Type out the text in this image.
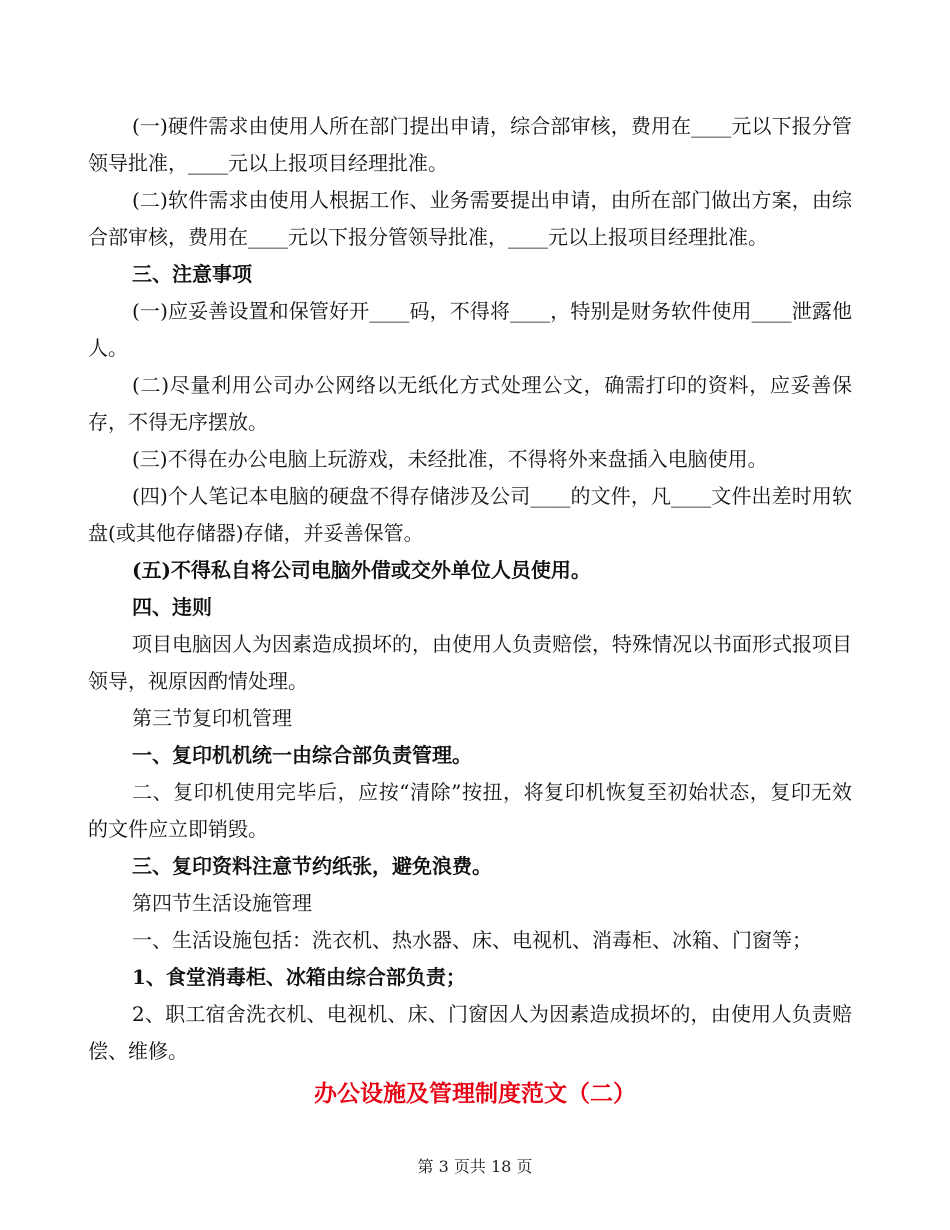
(一)硬件需求由使用人所在部门提出申请，综合部审核，费用在____元以下报分管领导批准，____元以上报项目经理批准。

(二)软件需求由使用人根据工作、业务需要提出申请，由所在部门做出方案，由综合部审核，费用在____元以下报分管领导批准，____元以上报项目经理批准。

三、注意事项

(一)应妥善设置和保管好开____码，不得将____，特别是财务软件使用____泄露他人。

(二)尽量利用公司办公网络以无纸化方式处理公文，确需打印的资料，应妥善保存，不得无序摆放。

(三)不得在办公电脑上玩游戏，未经批准，不得将外来盘插入电脑使用。

(四)个人笔记本电脑的硬盘不得存储涉及公司____的文件，凡____文件出差时用软盘(或其他存储器)存储，并妥善保管。

(五)不得私自将公司电脑外借或交外单位人员使用。

四、违则

项目电脑因人为因素造成损坏的，由使用人负责赔偿，特殊情况以书面形式报项目领导，视原因酌情处理。

第三节复印机管理

一、复印机机统一由综合部负责管理。

二、复印机使用完毕后，应按“清除”按扭，将复印机恢复至初始状态，复印无效的文件应立即销毁。

三、复印资料注意节约纸张，避免浪费。

第四节生活设施管理

一、生活设施包括：洗衣机、热水器、床、电视机、消毒柜、冰箱、门窗等；

1、食堂消毒柜、冰箱由综合部负责；

2、职工宿舍洗衣机、电视机、床、门窗因人为因素造成损坏的，由使用人负责赔偿、维修。

办公设施及管理制度范文（二）
第 3 页共 18 页
